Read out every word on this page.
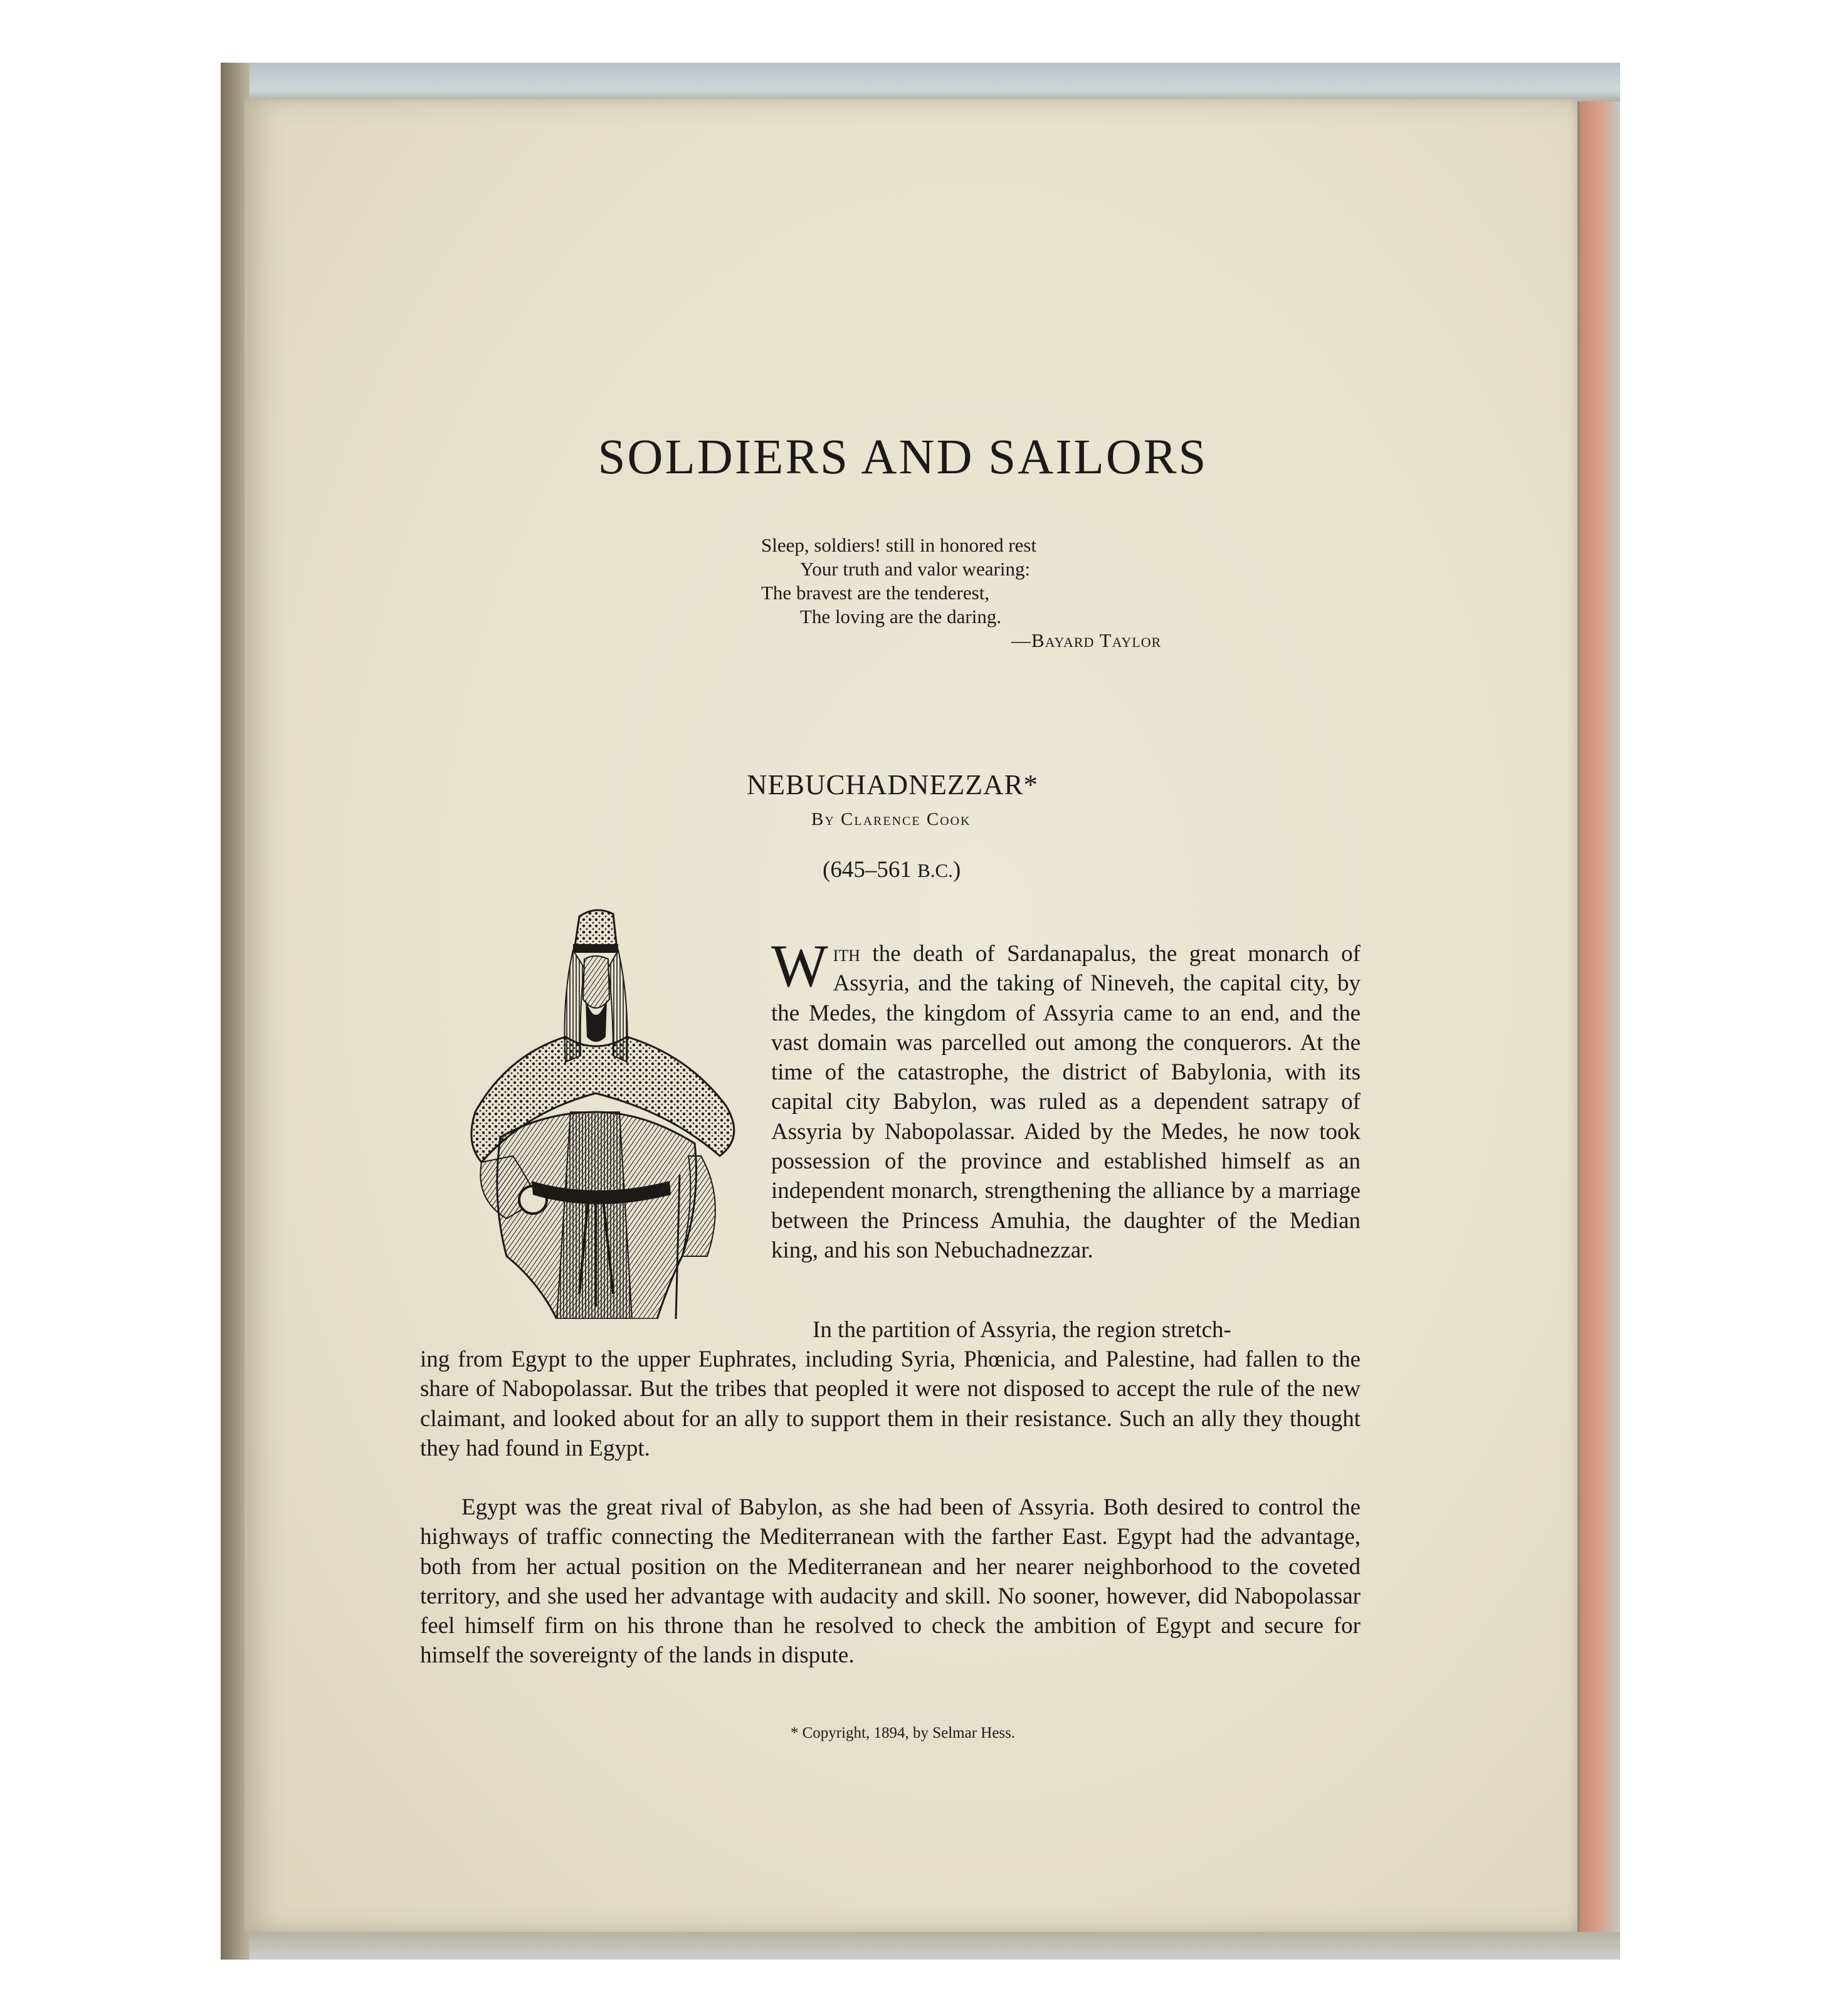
SOLDIERS AND SAILORS
Sleep, soldiers! still in honored rest
Your truth and valor wearing:
The bravest are the tenderest,
The loving are the daring.
—Bayard Taylor
NEBUCHADNEZZAR*
By Clarence Cook
(645–561 B.C.)
With the death of Sardanapalus, the great monarch of Assyria, and the taking of Nineveh, the capital city, by the Medes, the kingdom of Assyria came to an end, and the vast domain was parcelled out among the conquerors. At the time of the catastrophe, the district of Babylonia, with its capital city Babylon, was ruled as a dependent satrapy of Assyria by Nabopolassar. Aided by the Medes, he now took possession of the province and established himself as an independent monarch, strengthening the alliance by a marriage between the Princess Amuhia, the daughter of the Median king, and his son Nebuchadnezzar.
In the partition of Assyria, the region stretch-
ing from Egypt to the upper Euphrates, including Syria, Phœnicia, and Palestine, had fallen to the share of Nabopolassar. But the tribes that peopled it were not disposed to accept the rule of the new claimant, and looked about for an ally to support them in their resistance. Such an ally they thought they had found in Egypt.
Egypt was the great rival of Babylon, as she had been of Assyria. Both desired to control the highways of traffic connecting the Mediterranean with the farther East. Egypt had the advantage, both from her actual position on the Mediterranean and her nearer neighborhood to the coveted territory, and she used her advantage with audacity and skill. No sooner, however, did Nabopolassar feel himself firm on his throne than he resolved to check the ambition of Egypt and secure for himself the sovereignty of the lands in dispute.
* Copyright, 1894, by Selmar Hess.
